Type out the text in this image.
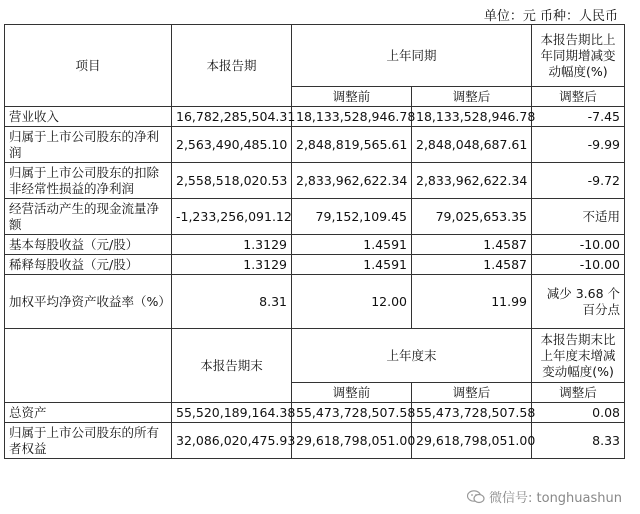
单位：元 币种：人民币
项目	本报告期	上年同期		本报告期比上年同期增减变动幅度(%)
		调整前	调整后	调整后
营业收入	16,782,285,504.31	18,133,528,946.78	18,133,528,946.78	-7.45
归属于上市公司股东的净利润	2,563,490,485.10	2,848,819,565.61	2,848,048,687.61	-9.99
归属于上市公司股东的扣除非经常性损益的净利润	2,558,518,020.53	2,833,962,622.34	2,833,962,622.34	-9.72
经营活动产生的现金流量净额	-1,233,256,091.12	79,152,109.45	79,025,653.35	不适用
基本每股收益（元/股）	1.3129	1.4591	1.4587	-10.00
稀释每股收益（元/股）	1.3129	1.4591	1.4587	-10.00
加权平均净资产收益率（%）	8.31	12.00	11.99	减少 3.68 个百分点
	本报告期末	上年度末		本报告期末比上年度末增减变动幅度(%)
		调整前	调整后	调整后
总资产	55,520,189,164.38	55,473,728,507.58	55,473,728,507.58	0.08
归属于上市公司股东的所有者权益	32,086,020,475.93	29,618,798,051.00	29,618,798,051.00	8.33
微信号: tonghuashun
